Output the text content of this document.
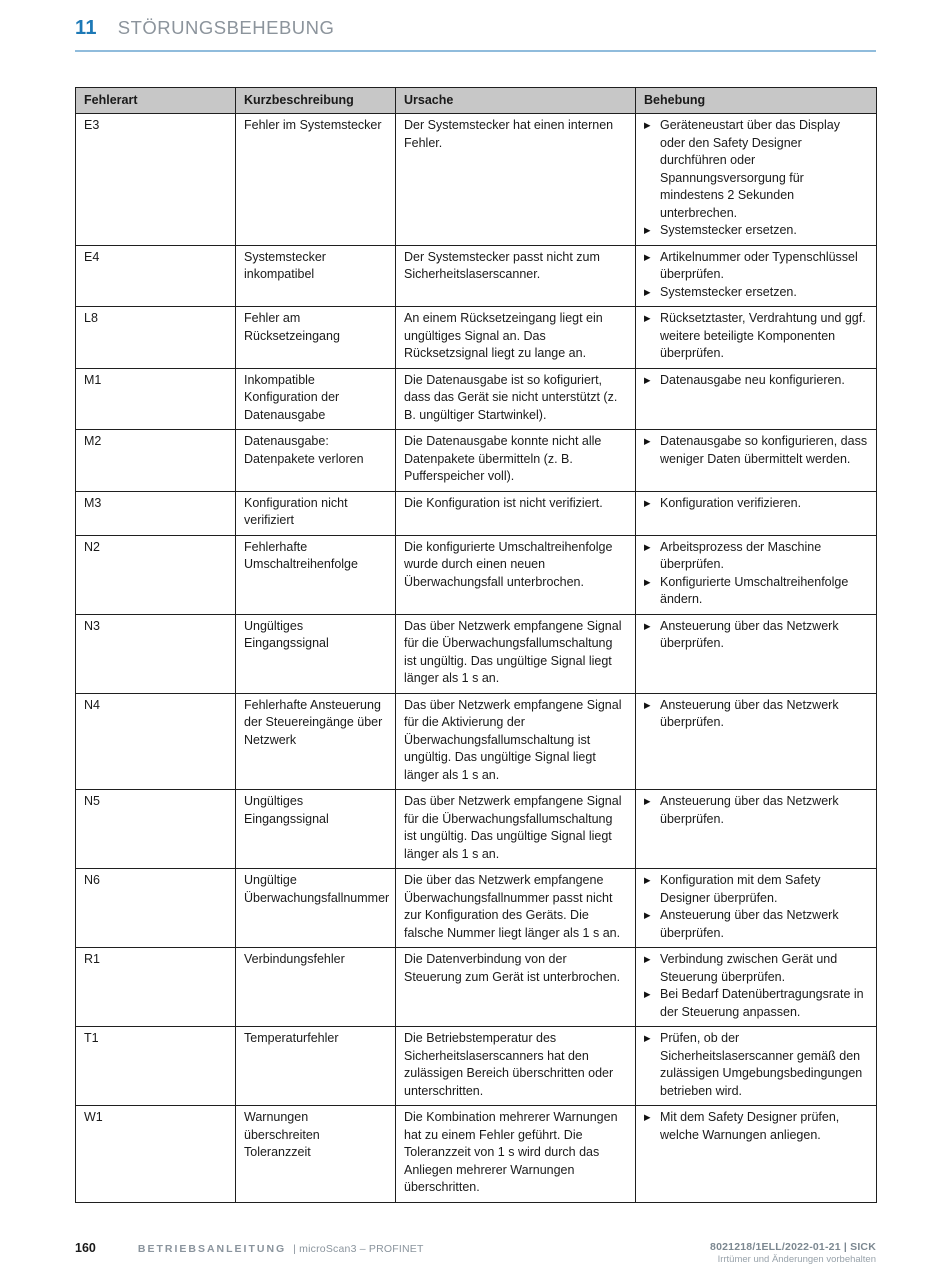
11 STÖRUNGSBEHEBUNG
Fehlerart	Kurzbeschreibung	Ursache	Behebung
E3	Fehler im Systemstecker	Der Systemstecker hat einen internen Fehler.	▶ Geräteneustart über das Display oder den Safety Designer durchführen oder Spannungsversorgung für mindestens 2 Sekunden unterbrechen.
▶ Systemstecker ersetzen.

E4	Systemstecker inkompatibel	Der Systemstecker passt nicht zum Sicherheitslaserscanner.	▶ Artikelnummer oder Typenschlüssel überprüfen.
▶ Systemstecker ersetzen.

L8	Fehler am Rücksetzeingang	An einem Rücksetzeingang liegt ein ungültiges Signal an. Das Rücksetzsignal liegt zu lange an.	▶ Rücksetztaster, Verdrahtung und ggf. weitere beteiligte Komponenten überprüfen.

M1	Inkompatible Konfiguration der Datenausgabe	Die Datenausgabe ist so kofiguriert, dass das Gerät sie nicht unterstützt (z. B. ungültiger Startwinkel).	▶ Datenausgabe neu konfigurieren.

M2	Datenausgabe: Datenpakete verloren	Die Datenausgabe konnte nicht alle Datenpakete übermitteln (z. B. Pufferspeicher voll).	▶ Datenausgabe so konfigurieren, dass weniger Daten übermittelt werden.

M3	Konfiguration nicht verifiziert	Die Konfiguration ist nicht verifiziert.	▶ Konfiguration verifizieren.

N2	Fehlerhafte Umschaltreihenfolge	Die konfigurierte Umschaltreihenfolge wurde durch einen neuen Überwachungsfall unterbrochen.	▶ Arbeitsprozess der Maschine überprüfen.
▶ Konfigurierte Umschaltreihenfolge ändern.

N3	Ungültiges Eingangssignal	Das über Netzwerk empfangene Signal für die Überwachungsfallumschaltung ist ungültig. Das ungültige Signal liegt länger als 1 s an.	▶ Ansteuerung über das Netzwerk überprüfen.

N4	Fehlerhafte Ansteuerung der Steuereingänge über Netzwerk	Das über Netzwerk empfangene Signal für die Aktivierung der Überwachungsfallumschaltung ist ungültig. Das ungültige Signal liegt länger als 1 s an.	▶ Ansteuerung über das Netzwerk überprüfen.

N5	Ungültiges Eingangssignal	Das über Netzwerk empfangene Signal für die Überwachungsfallumschaltung ist ungültig. Das ungültige Signal liegt länger als 1 s an.	▶ Ansteuerung über das Netzwerk überprüfen.

N6	Ungültige Überwachungsfallnummer	Die über das Netzwerk empfangene Überwachungsfallnummer passt nicht zur Konfiguration des Geräts. Die falsche Nummer liegt länger als 1 s an.	▶ Konfiguration mit dem Safety Designer überprüfen.
▶ Ansteuerung über das Netzwerk überprüfen.

R1	Verbindungsfehler	Die Datenverbindung von der Steuerung zum Gerät ist unterbrochen.	▶ Verbindung zwischen Gerät und Steuerung überprüfen.
▶ Bei Bedarf Datenübertragungsrate in der Steuerung anpassen.

T1	Temperaturfehler	Die Betriebstemperatur des Sicherheitslaserscanners hat den zulässigen Bereich überschritten oder unterschritten.	▶ Prüfen, ob der Sicherheitslaserscanner gemäß den zulässigen Umgebungsbedingungen betrieben wird.

W1	Warnungen überschreiten Toleranzzeit	Die Kombination mehrerer Warnungen hat zu einem Fehler geführt. Die Toleranzzeit von 1 s wird durch das Anliegen mehrerer Warnungen überschritten.	▶ Mit dem Safety Designer prüfen, welche Warnungen anliegen.
160	BETRIEBSANLEITUNG | microScan3 – PROFINET	8021218/1ELL/2022-01-21 | SICK
Irrtümer und Änderungen vorbehalten
